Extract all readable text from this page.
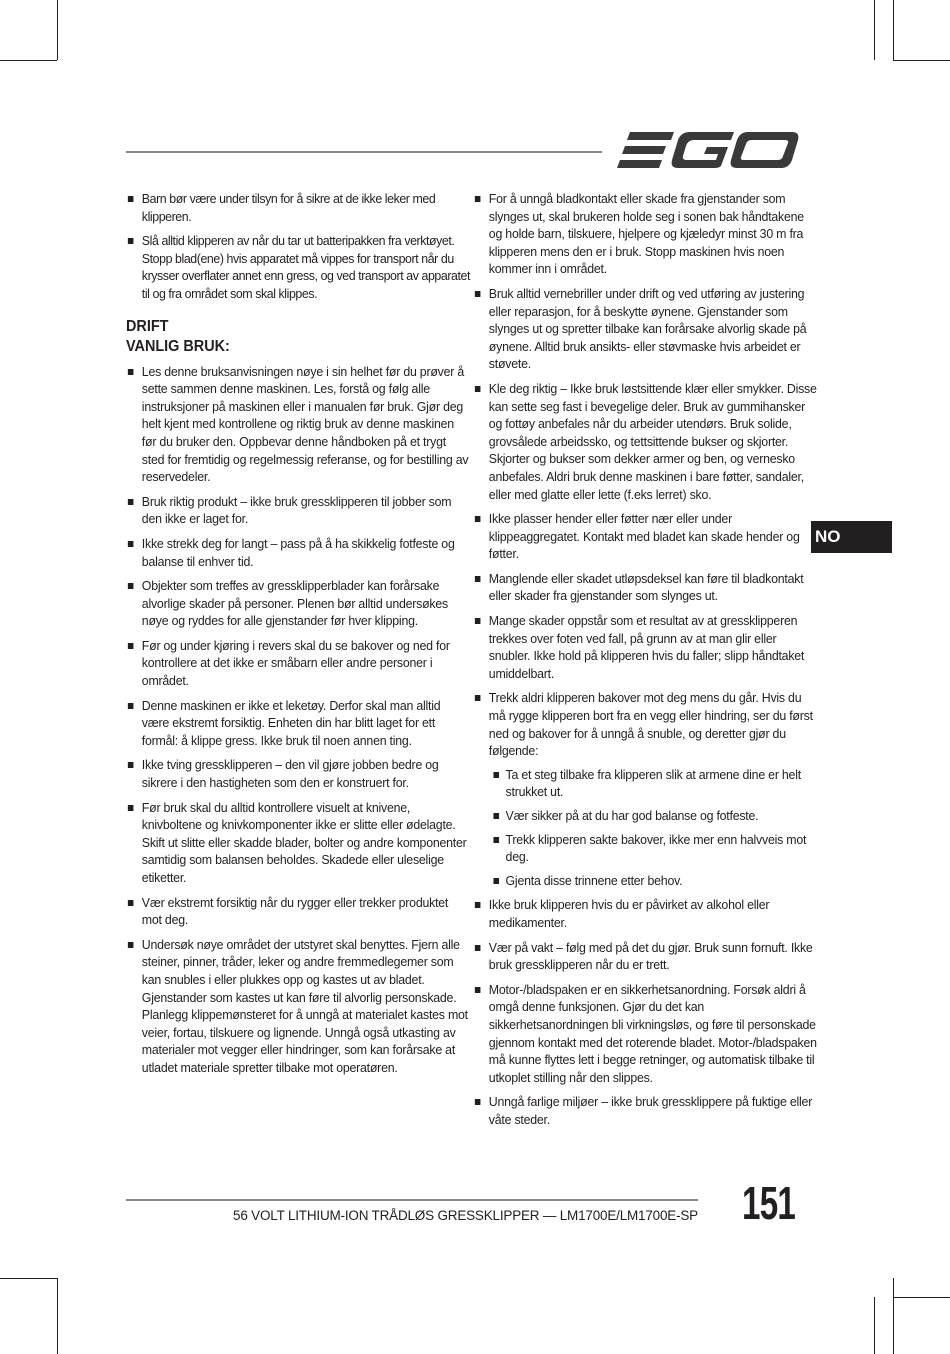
Barn bør være under tilsyn for å sikre at de ikke leker med klipperen.
Slå alltid klipperen av når du tar ut batteripakken fra verktøyet. Stopp blad(ene) hvis apparatet må vippes for transport når du krysser overflater annet enn gress, og ved transport av apparatet til og fra området som skal klippes.
DRIFT
VANLIG BRUK:
Les denne bruksanvisningen nøye i sin helhet før du prøver å sette sammen denne maskinen. Les, forstå og følg alle instruksjoner på maskinen eller i manualen før bruk. Gjør deg helt kjent med kontrollene og riktig bruk av denne maskinen før du bruker den. Oppbevar denne håndboken på et trygt sted for fremtidig og regelmessig referanse, og for bestilling av reservedeler.
Bruk riktig produkt – ikke bruk gressklipperen til jobber som den ikke er laget for.
Ikke strekk deg for langt – pass på å ha skikkelig fotfeste og balanse til enhver tid.
Objekter som treffes av gressklipperblader kan forårsake alvorlige skader på personer. Plenen bør alltid undersøkes nøye og ryddes for alle gjenstander før hver klipping.
Før og under kjøring i revers skal du se bakover og ned for kontrollere at det ikke er småbarn eller andre personer i området.
Denne maskinen er ikke et leketøy. Derfor skal man alltid være ekstremt forsiktig. Enheten din har blitt laget for ett formål: å klippe gress. Ikke bruk til noen annen ting.
Ikke tving gressklipperen – den vil gjøre jobben bedre og sikrere i den hastigheten som den er konstruert for.
Før bruk skal du alltid kontrollere visuelt at knivene, knivboltene og knivkomponenter ikke er slitte eller ødelagte. Skift ut slitte eller skadde blader, bolter og andre komponenter samtidig som balansen beholdes. Skadede eller uleselige etiketter.
Vær ekstremt forsiktig når du rygger eller trekker produktet mot deg.
Undersøk nøye området der utstyret skal benyttes. Fjern alle steiner, pinner, tråder, leker og andre fremmedlegemer som kan snubles i eller plukkes opp og kastes ut av bladet. Gjenstander som kastes ut kan føre til alvorlig personskade. Planlegg klippemønsteret for å unngå at materialet kastes mot veier, fortau, tilskuere og lignende. Unngå også utkasting av materialer mot vegger eller hindringer, som kan forårsake at utladet materiale spretter tilbake mot operatøren.
For å unngå bladkontakt eller skade fra gjenstander som slynges ut, skal brukeren holde seg i sonen bak håndtakene og holde barn, tilskuere, hjelpere og kjæledyr minst 30 m fra klipperen mens den er i bruk. Stopp maskinen hvis noen kommer inn i området.
Bruk alltid vernebriller under drift og ved utføring av justering eller reparasjon, for å beskytte øynene. Gjenstander som slynges ut og spretter tilbake kan forårsake alvorlig skade på øynene. Alltid bruk ansikts- eller støvmaske hvis arbeidet er støvete.
Kle deg riktig – Ikke bruk løstsittende klær eller smykker. Disse kan sette seg fast i bevegelige deler. Bruk av gummihansker og fottøy anbefales når du arbeider utendørs. Bruk solide, grovsålede arbeidssko, og tettsittende bukser og skjorter. Skjorter og bukser som dekker armer og ben, og vernesko anbefales. Aldri bruk denne maskinen i bare føtter, sandaler, eller med glatte eller lette (f.eks lerret) sko.
Ikke plasser hender eller føtter nær eller under klippeaggregatet. Kontakt med bladet kan skade hender og føtter.
Manglende eller skadet utløpsdeksel kan føre til bladkontakt eller skader fra gjenstander som slynges ut.
Mange skader oppstår som et resultat av at gressklipperen trekkes over foten ved fall, på grunn av at man glir eller snubler. Ikke hold på klipperen hvis du faller; slipp håndtaket umiddelbart.
Trekk aldri klipperen bakover mot deg mens du går. Hvis du må rygge klipperen bort fra en vegg eller hindring, ser du først ned og bakover for å unngå å snuble, og deretter gjør du følgende:
Ta et steg tilbake fra klipperen slik at armene dine er helt strukket ut.
Vær sikker på at du har god balanse og fotfeste.
Trekk klipperen sakte bakover, ikke mer enn halvveis mot deg.
Gjenta disse trinnene etter behov.
Ikke bruk klipperen hvis du er påvirket av alkohol eller medikamenter.
Vær på vakt – følg med på det du gjør. Bruk sunn fornuft. Ikke bruk gressklipperen når du er trett.
Motor-/bladspaken er en sikkerhetsanordning. Forsøk aldri å omgå denne funksjonen. Gjør du det kan sikkerhetsanordningen bli virkningsløs, og føre til personskade gjennom kontakt med det roterende bladet. Motor-/bladspaken må kunne flyttes lett i begge retninger, og automatisk tilbake til utkoplet stilling når den slippes.
Unngå farlige miljøer – ikke bruk gressklippere på fuktige eller våte steder.
NO
56 VOLT LITHIUM-ION TRÅDLØS GRESSKLIPPER — LM1700E/LM1700E-SP 151
